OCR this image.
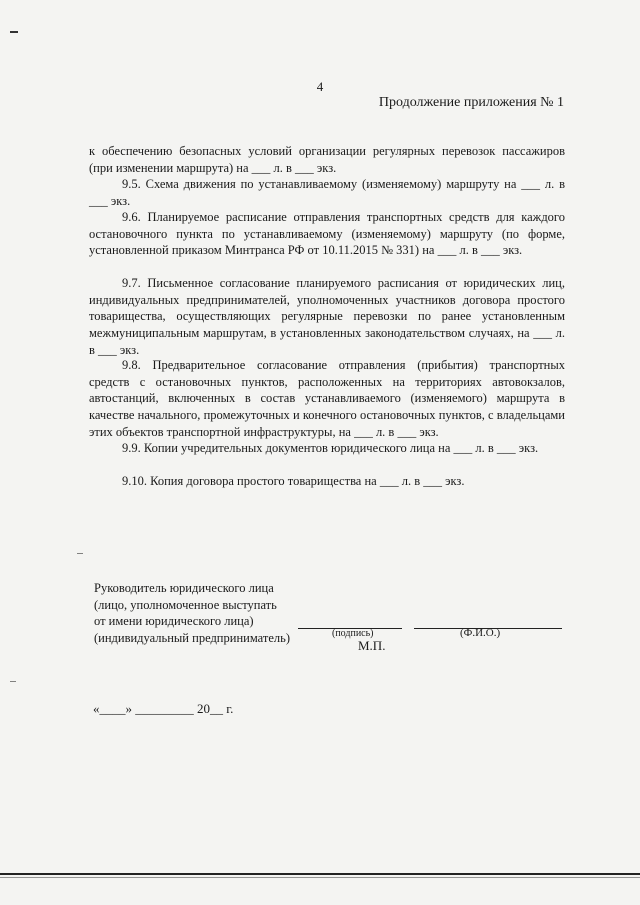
4
Продолжение приложения № 1
к обеспечению безопасных условий организации регулярных перевозок пассажиров (при изменении маршрута) на ___ л. в ___ экз.
9.5. Схема движения по устанавливаемому (изменяемому) маршруту на ___ л. в ___ экз.
9.6. Планируемое расписание отправления транспортных средств для каждого остановочного пункта по устанавливаемому (изменяемому) маршруту (по форме, установленной приказом Минтранса РФ от 10.11.2015 № 331) на ___ л. в ___ экз.
9.7. Письменное согласование планируемого расписания от юридических лиц, индивидуальных предпринимателей, уполномоченных участников договора простого товарищества, осуществляющих регулярные перевозки по ранее установленным межмуниципальным маршрутам, в установленных законодательством случаях, на ___ л. в ___ экз.
9.8. Предварительное согласование отправления (прибытия) транспортных средств с остановочных пунктов, расположенных на территориях автовокзалов, автостанций, включенных в состав устанавливаемого (изменяемого) маршрута в качестве начального, промежуточных и конечного остановочных пунктов, с владельцами этих объектов транспортной инфраструктуры, на ___ л. в ___ экз.
9.9. Копии учредительных документов юридического лица на ___ л. в ___ экз.
9.10. Копия договора простого товарищества на ___ л. в ___ экз.
Руководитель юридического лица
(лицо, уполномоченное выступать
от имени юридического лица)
(индивидуальный предприниматель)	(подпись)	(Ф.И.О.)
М.П.
«____» _________ 20__ г.
